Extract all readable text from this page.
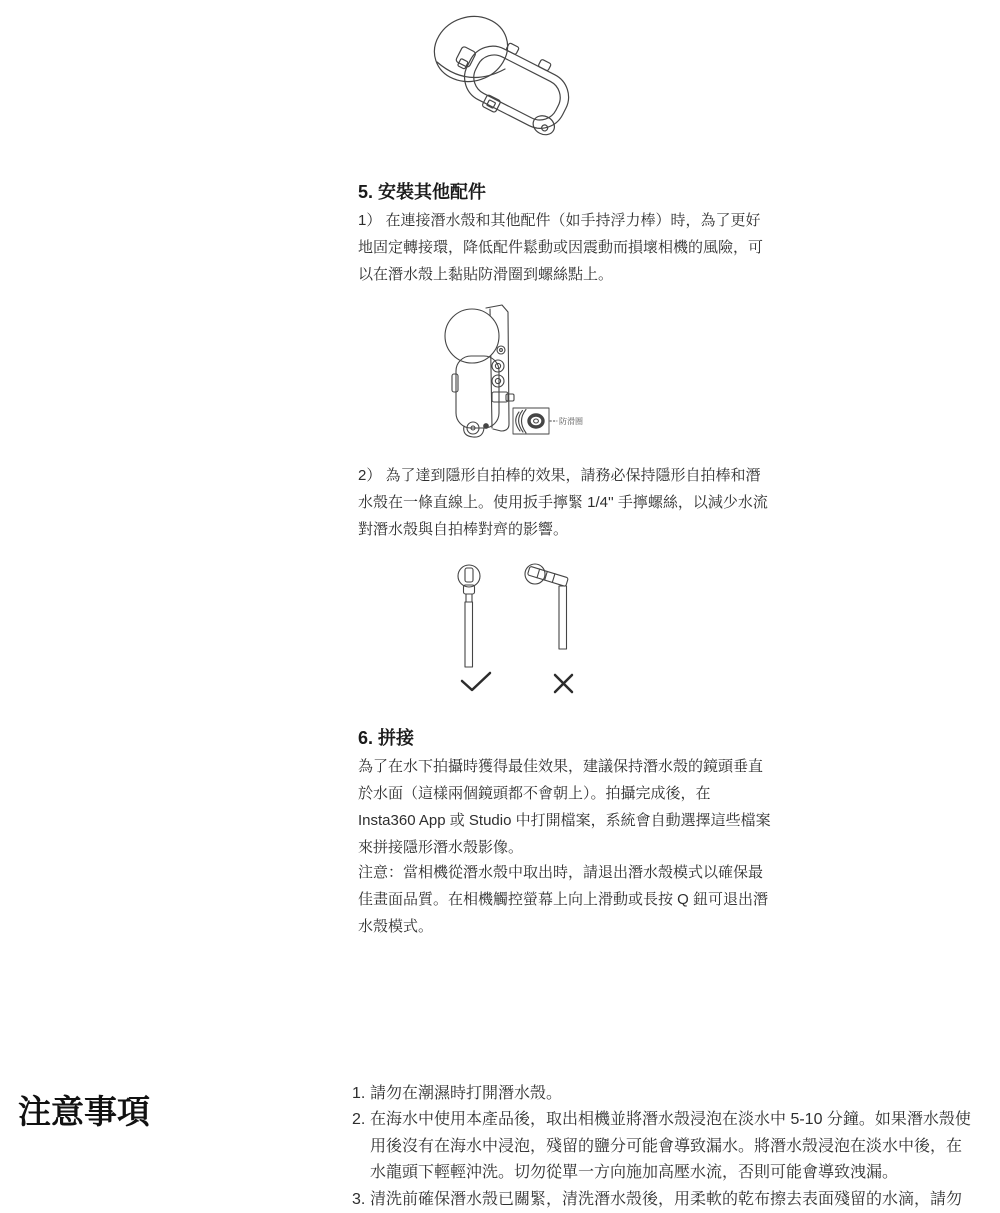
5. 安裝其他配件

1） 在連接潛水殼和其他配件（如手持浮力棒）時，為了更好地固定轉接環，降低配件鬆動或因震動而損壞相機的風險，可以在潛水殼上黏貼防滑圈到螺絲點上。

防滑圈

2） 為了達到隱形自拍棒的效果，請務必保持隱形自拍棒和潛水殼在一條直線上。使用扳手擰緊 1/4'' 手擰螺絲，以減少水流對潛水殼與自拍棒對齊的影響。

6. 拼接

為了在水下拍攝時獲得最佳效果，建議保持潛水殼的鏡頭垂直於水面（這樣兩個鏡頭都不會朝上）。拍攝完成後，在 Insta360 App 或 Studio 中打開檔案，系統會自動選擇這些檔案來拼接隱形潛水殼影像。

注意：當相機從潛水殼中取出時，請退出潛水殼模式以確保最佳畫面品質。在相機觸控螢幕上向上滑動或長按 Q 鈕可退出潛水殼模式。

注意事項	1. 請勿在潮濕時打開潛水殼。
2. 在海水中使用本產品後，取出相機並將潛水殼浸泡在淡水中 5-10 分鐘。如果潛水殼使用後沒有在海水中浸泡，殘留的鹽分可能會導致漏水。將潛水殼浸泡在淡水中後，在水龍頭下輕輕沖洗。切勿從單一方向施加高壓水流，否則可能會導致洩漏。
3. 清洗前確保潛水殼已關緊，清洗潛水殼後，用柔軟的乾布擦去表面殘留的水滴，請勿
